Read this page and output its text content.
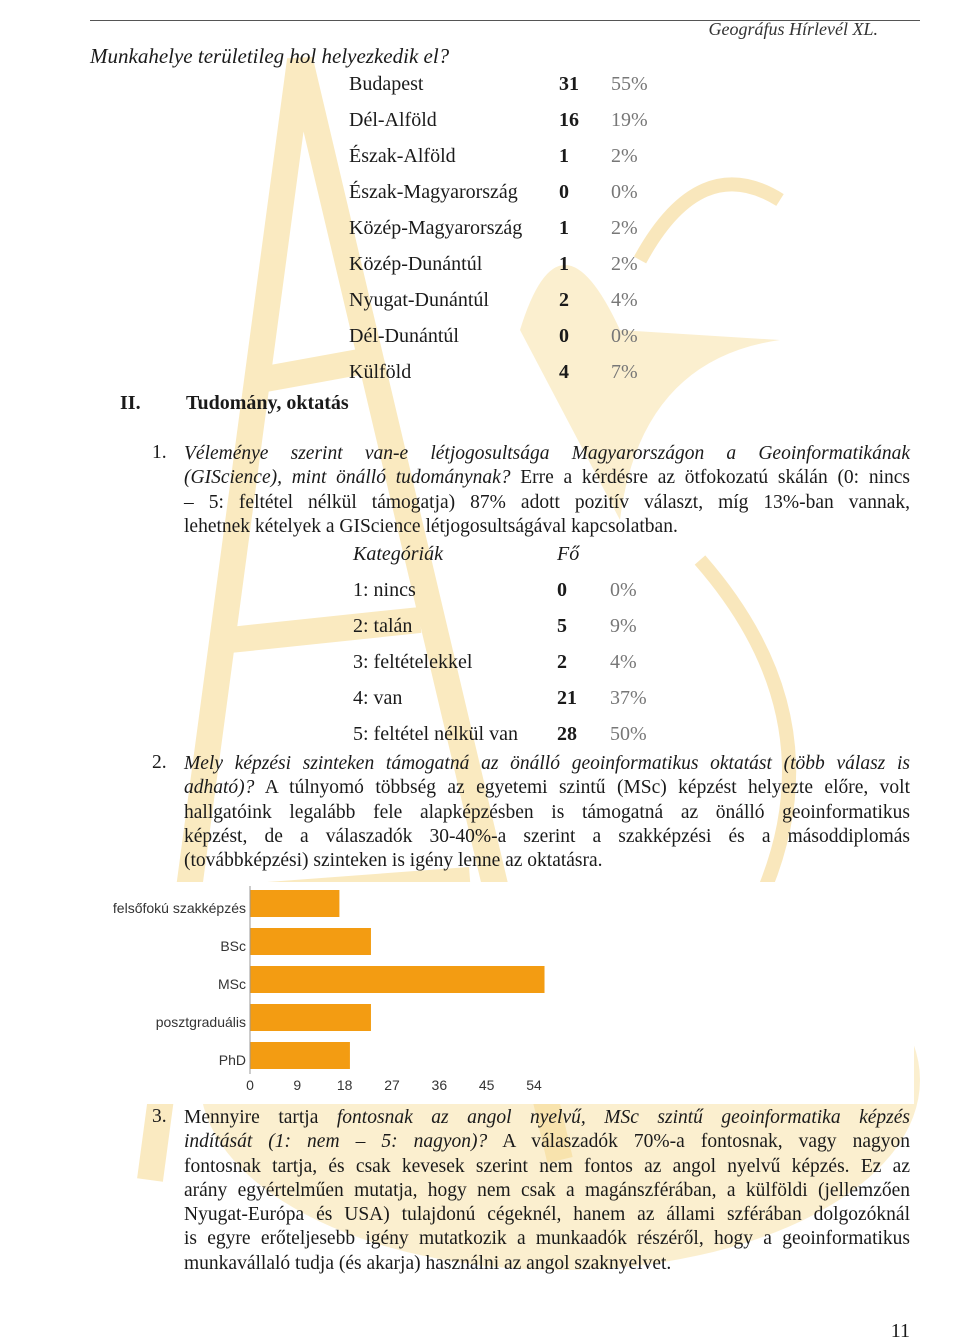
Geográfus Hírlevél XL.
Munkahelye területileg hol helyezkedik el?
Budapest	31	55%
Dél-Alföld	16	19%
Észak-Alföld	1	2%
Észak-Magyarország	0	0%
Közép-Magyarország	1	2%
Közép-Dunántúl	1	2%
Nyugat-Dunántúl	2	4%
Dél-Dunántúl	0	0%
Külföld	4	7%
II. Tudomány, oktatás
1. Véleménye szerint van-e létjogosultsága Magyarországon a Geoinformatikának
(GIScience), mint önálló tudománynak? Erre a kérdésre az ötfokozatú skálán (0: nincs
– 5: feltétel nélkül támogatja) 87% adott pozitív választ, míg 13%-ban vannak,
lehetnek kételyek a GIScience létjogosultságával kapcsolatban.
Kategóriák	Fő	
1: nincs	0	0%
2: talán	5	9%
3: feltételekkel	2	4%
4: van	21	37%
5: feltétel nélkül van	28	50%
2. Mely képzési szinteken támogatná az önálló geoinformatikus oktatást (több válasz is
adható)? A túlnyomó többség az egyetemi szintű (MSc) képzést helyezte előre, volt
hallgatóink legalább fele alapképzésben is támogatná az önálló geoinformatikus
képzést, de a válaszadók 30-40%-a szerint a szakképzési és a másoddiplomás
(továbbképzési) szinteken is igény lenne az oktatásra.
felsőfokú szakképzés
BSc
MSc
posztgraduális
PhD
0	9	18 27 36 45 54
3. Mennyire tartja fontosnak az angol nyelvű, MSc szintű geoinformatika képzés
indítását (1: nem – 5: nagyon)? A válaszadók 70%-a fontosnak, vagy nagyon
fontosnak tartja, és csak kevesek szerint nem fontos az angol nyelvű képzés. Ez az
arány egyértelműen mutatja, hogy nem csak a magánszférában, a külföldi (jellemzően
Nyugat-Európa és USA) tulajdonú cégeknél, hanem az állami szférában dolgozóknál
is egyre erőteljesebb igény mutatkozik a munkaadók részéről, hogy a geoinformatikus
munkavállaló tudja (és akarja) használni az angol szaknyelvet.
11
